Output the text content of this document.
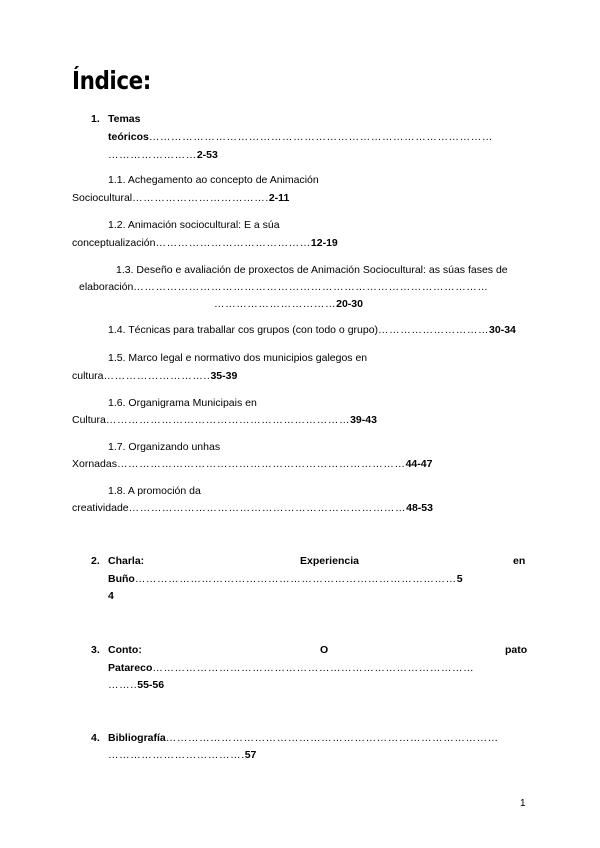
Índice:
1. Temas
teóricos…………………………………………………………………………………
……………………2-53
1.1. Achegamento ao concepto de Animación
Sociocultural……………………………….2-11
1.2. Animación sociocultural: E a súa
conceptualización……………………………………12-19
1.3. Deseño e avaliación de proxectos de Animación Sociocultural: as súas fases de
elaboración……………………………………………………………………………………
……………………………20-30
1.4. Técnicas para traballar cos grupos (con todo o grupo)…………………………30-34
1.5. Marco legal e normativo dos municipios galegos en
cultura………………………..35-39
1.6. Organigrama Municipais en
Cultura…………………………………………………………39-43
1.7. Organizando unhas
Xornadas……………………………………………………………………44-47
1.8. A promoción da
creatividade…………………………………………………………………48-53
2. Charla:	Experiencia	en
Buño……………………………………………………………………………5
4
3. Conto:	O	pato
Patareco……………………………………………………………………………
……..55-56
4. Bibliografía………………………………………………………………………………
……………………………….57
1
